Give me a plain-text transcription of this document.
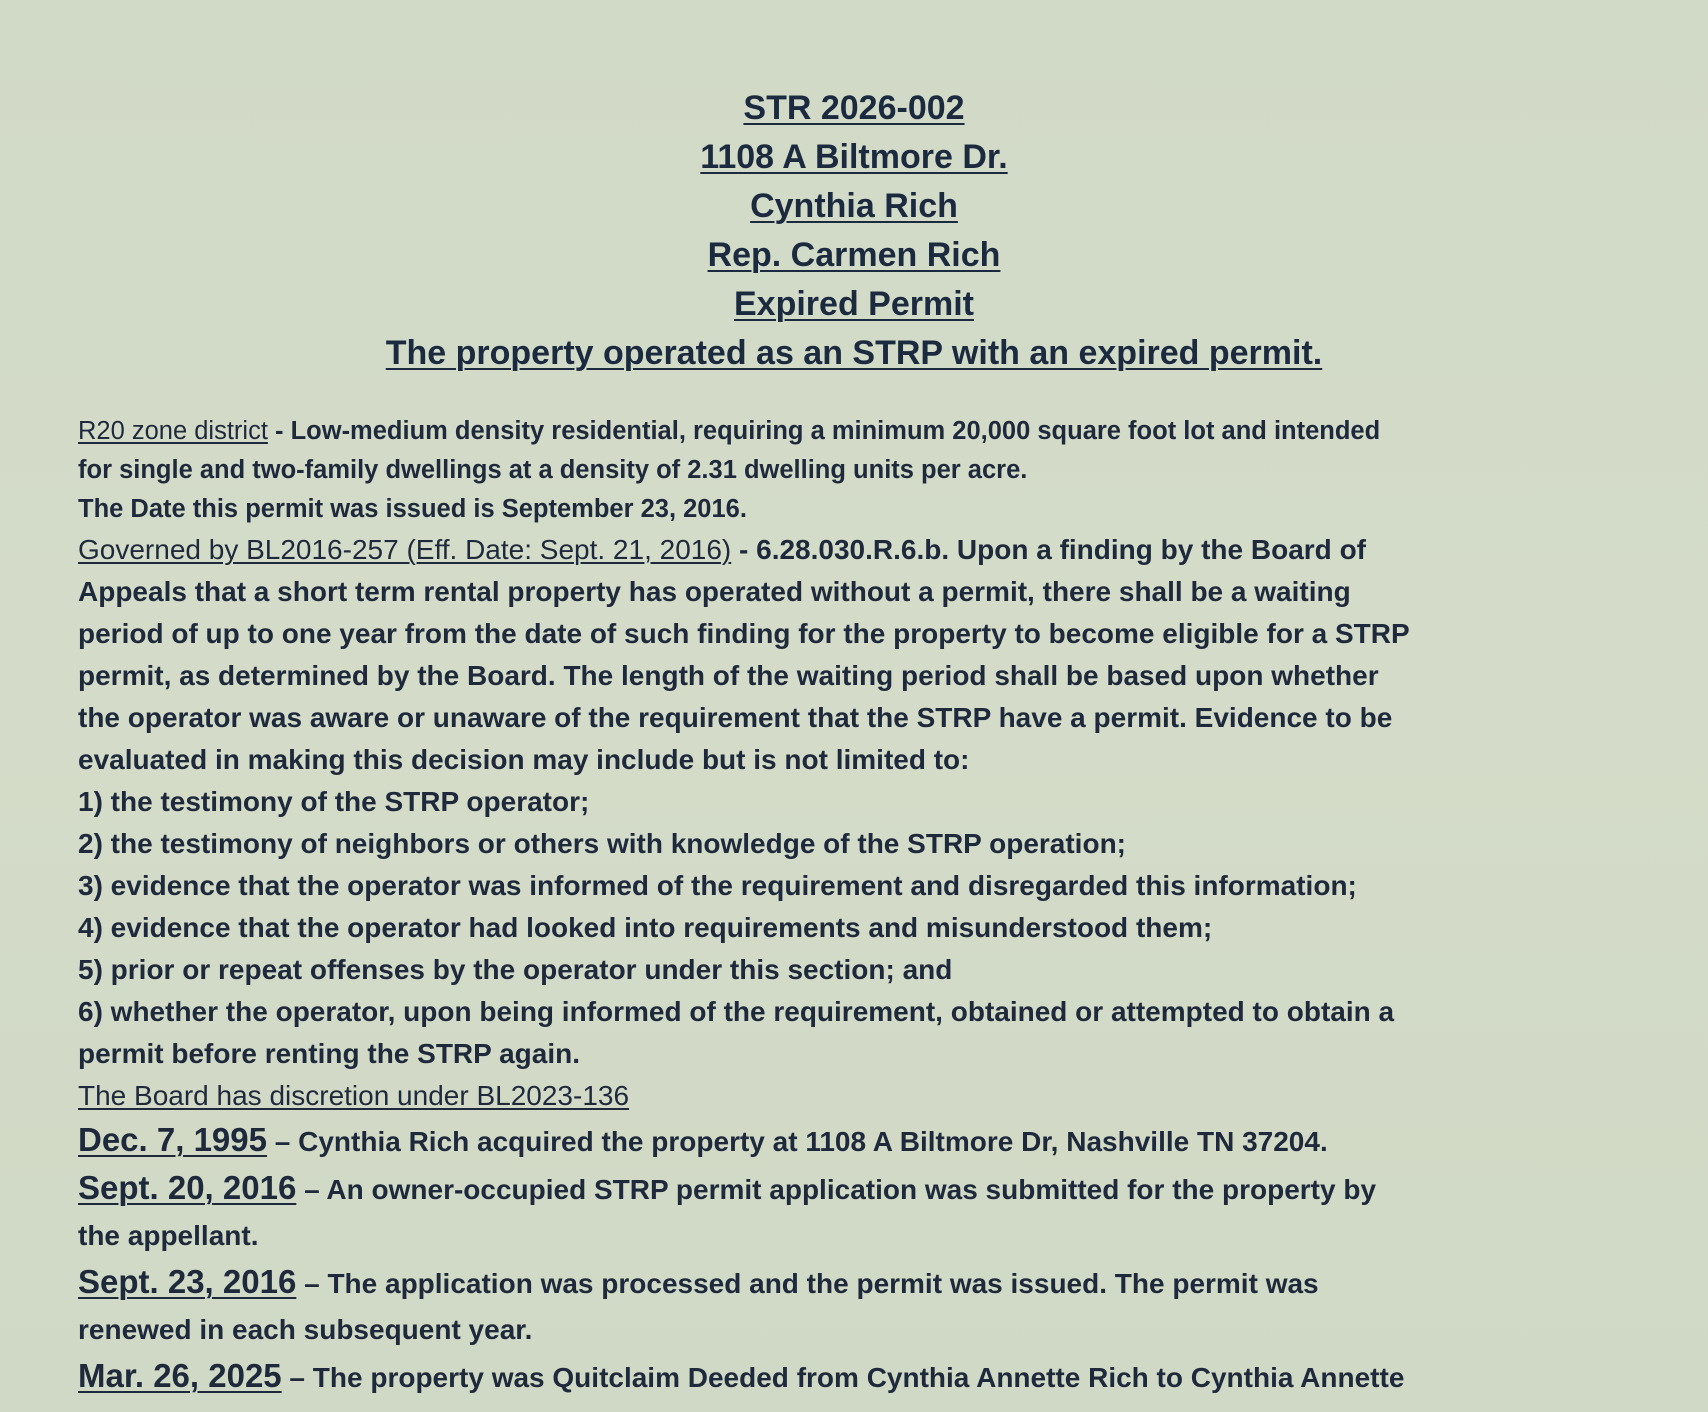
STR 2026-002
1108 A Biltmore Dr.
Cynthia Rich
Rep. Carmen Rich
Expired Permit
The property operated as an STRP with an expired permit.

R20 zone district - Low-medium density residential, requiring a minimum 20,000 square foot lot and intended

for single and two-family dwellings at a density of 2.31 dwelling units per acre.

The Date this permit was issued is September 23, 2016.

Governed by BL2016-257 (Eff. Date: Sept. 21, 2016) - 6.28.030.R.6.b. Upon a finding by the Board of

Appeals that a short term rental property has operated without a permit, there shall be a waiting

period of up to one year from the date of such finding for the property to become eligible for a STRP

permit, as determined by the Board. The length of the waiting period shall be based upon whether

the operator was aware or unaware of the requirement that the STRP have a permit. Evidence to be

evaluated in making this decision may include but is not limited to:

1) the testimony of the STRP operator;

2) the testimony of neighbors or others with knowledge of the STRP operation;

3) evidence that the operator was informed of the requirement and disregarded this information;

4) evidence that the operator had looked into requirements and misunderstood them;

5) prior or repeat offenses by the operator under this section; and

6) whether the operator, upon being informed of the requirement, obtained or attempted to obtain a

permit before renting the STRP again.

The Board has discretion under BL2023-136

Dec. 7, 1995 – Cynthia Rich acquired the property at 1108 A Biltmore Dr, Nashville TN 37204.

Sept. 20, 2016 – An owner-occupied STRP permit application was submitted for the property by

the appellant.

Sept. 23, 2016 – The application was processed and the permit was issued. The permit was

renewed in each subsequent year.

Mar. 26, 2025 – The property was Quitclaim Deeded from Cynthia Annette Rich to Cynthia Annette
